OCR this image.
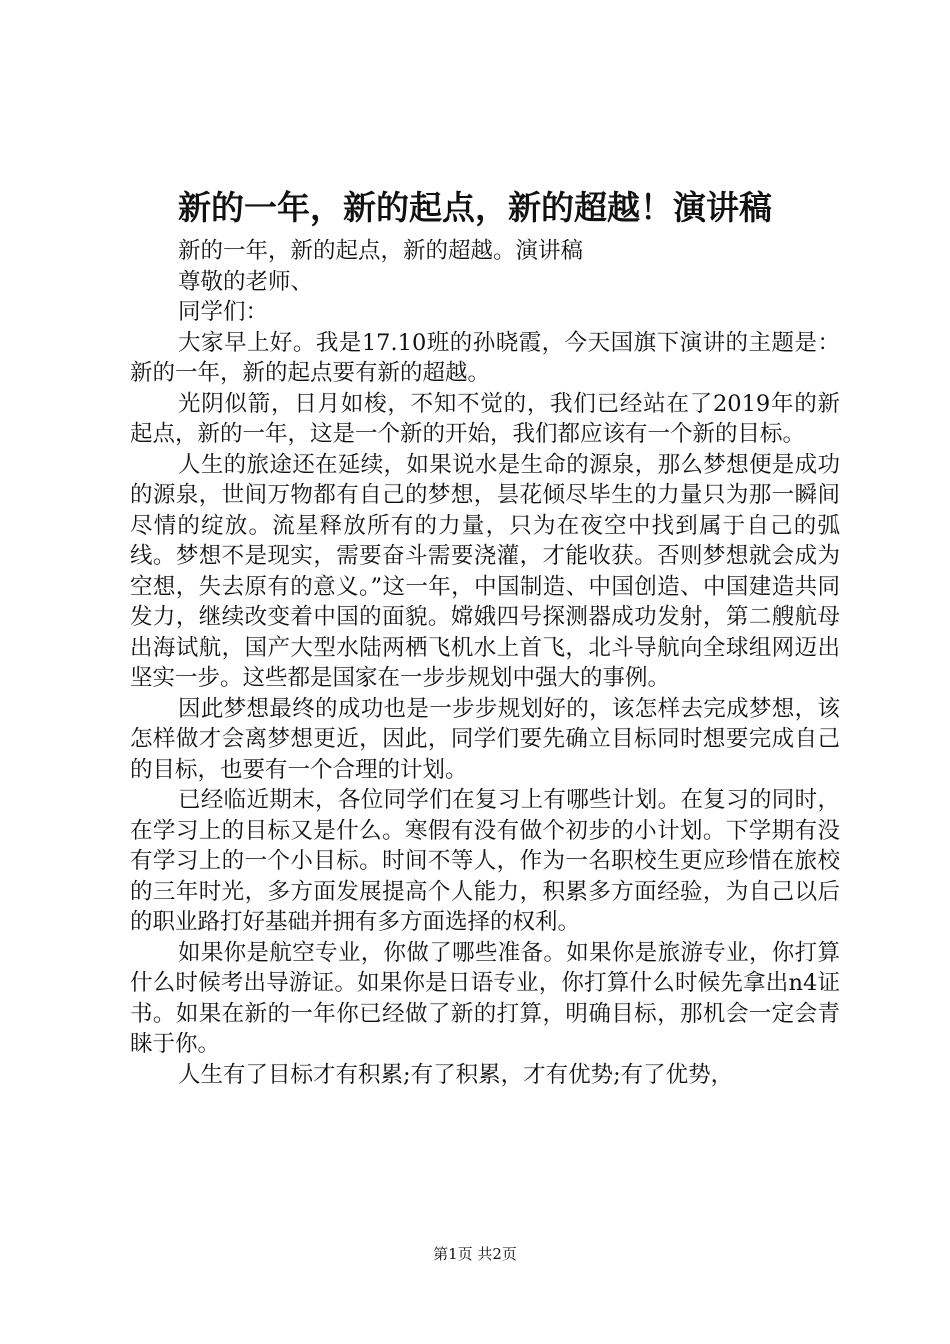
新的一年，新的起点，新的超越！演讲稿

新的一年，新的起点，新的超越。演讲稿

尊敬的老师、

同学们：

大家早上好。我是17.10班的孙晓霞，今天国旗下演讲的主题是：新的一年，新的起点要有新的超越。

光阴似箭，日月如梭，不知不觉的，我们已经站在了2019年的新起点，新的一年，这是一个新的开始，我们都应该有一个新的目标。

人生的旅途还在延续，如果说水是生命的源泉，那么梦想便是成功的源泉，世间万物都有自己的梦想，昙花倾尽毕生的力量只为那一瞬间尽情的绽放。流星释放所有的力量，只为在夜空中找到属于自己的弧线。梦想不是现实，需要奋斗需要浇灌，才能收获。否则梦想就会成为空想，失去原有的意义。”这一年，中国制造、中国创造、中国建造共同发力，继续改变着中国的面貌。嫦娥四号探测器成功发射，第二艘航母出海试航，国产大型水陆两栖飞机水上首飞，北斗导航向全球组网迈出坚实一步。这些都是国家在一步步规划中强大的事例。

因此梦想最终的成功也是一步步规划好的，该怎样去完成梦想，该怎样做才会离梦想更近，因此，同学们要先确立目标同时想要完成自己的目标，也要有一个合理的计划。

已经临近期末，各位同学们在复习上有哪些计划。在复习的同时，在学习上的目标又是什么。寒假有没有做个初步的小计划。下学期有没有学习上的一个小目标。时间不等人，作为一名职校生更应珍惜在旅校的三年时光，多方面发展提高个人能力，积累多方面经验，为自己以后的职业路打好基础并拥有多方面选择的权利。

如果你是航空专业，你做了哪些准备。如果你是旅游专业，你打算什么时候考出导游证。如果你是日语专业，你打算什么时候先拿出n4证书。如果在新的一年你已经做了新的打算，明确目标，那机会一定会青睐于你。

人生有了目标才有积累;有了积累，才有优势;有了优势，

第1页 共2页
